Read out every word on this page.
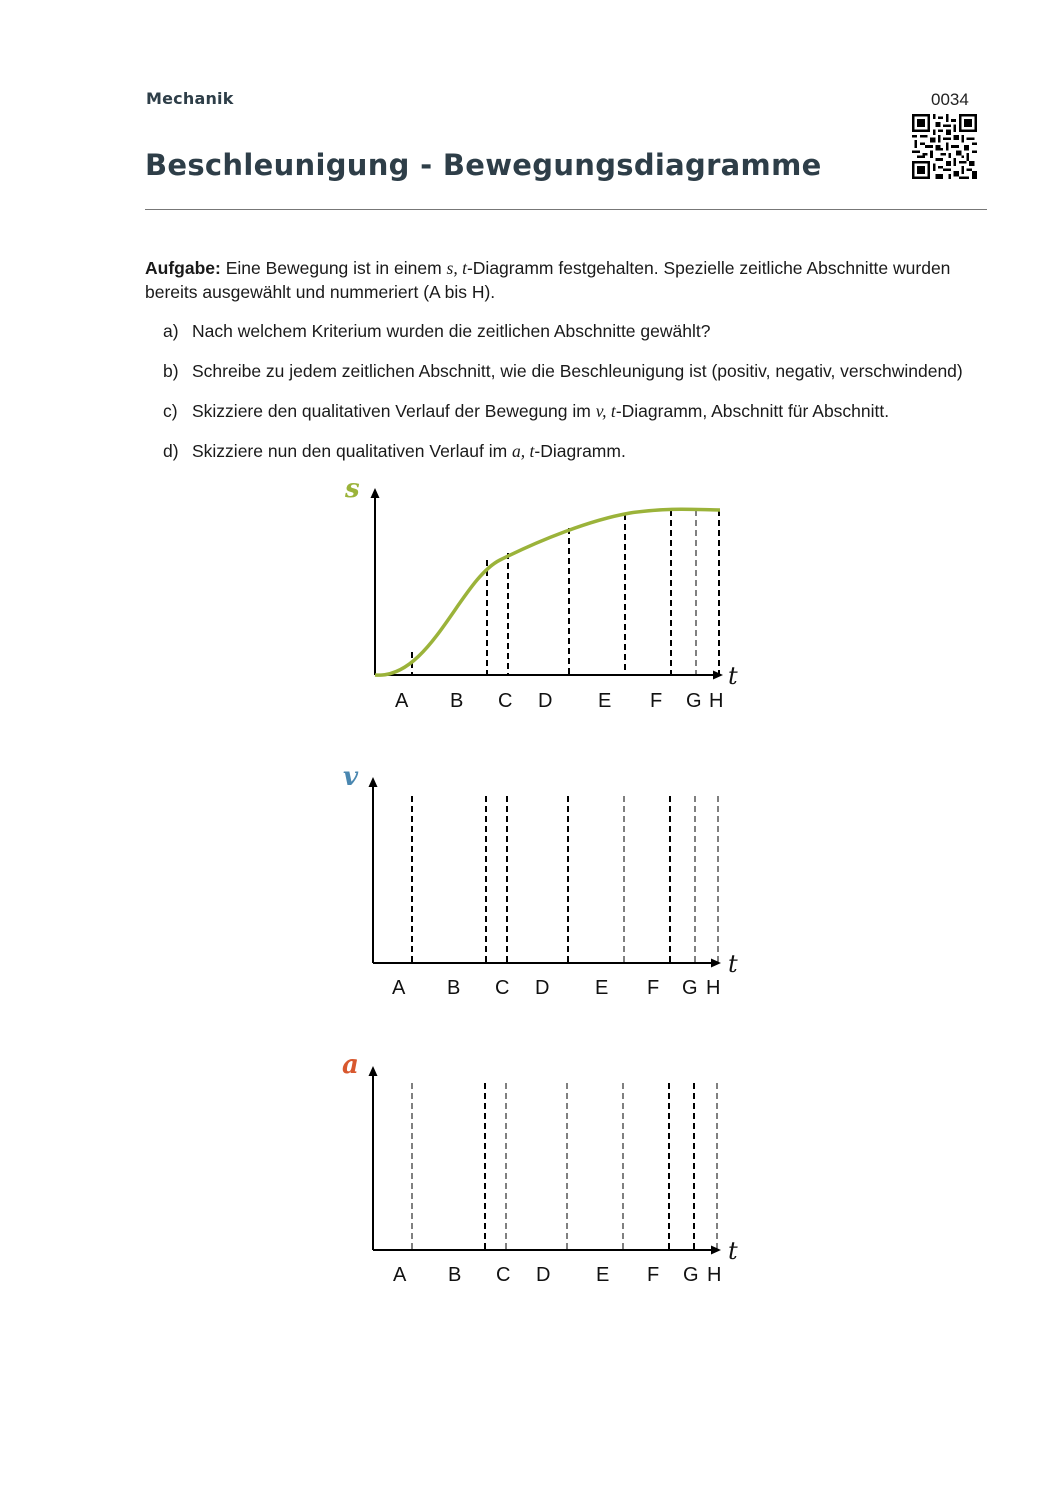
Mechanik	0034
Beschleunigung - Bewegungsdiagramme
Aufgabe: Eine Bewegung ist in einem s, t-Diagramm festgehalten. Spezielle zeitliche Abschnitte wurden bereits ausgewählt und nummeriert (A bis H).
a) Nach welchem Kriterium wurden die zeitlichen Abschnitte gewählt?
b) Schreibe zu jedem zeitlichen Abschnitt, wie die Beschleunigung ist (positiv, negativ, verschwindend)
c) Skizziere den qualitativen Verlauf der Bewegung im v, t-Diagramm, Abschnitt für Abschnitt.
d) Skizziere nun den qualitativen Verlauf im a, t-Diagramm.
s
t
A B C D E F G H
v
t
A B C D E F G H
a
t
A B C D E F G H
